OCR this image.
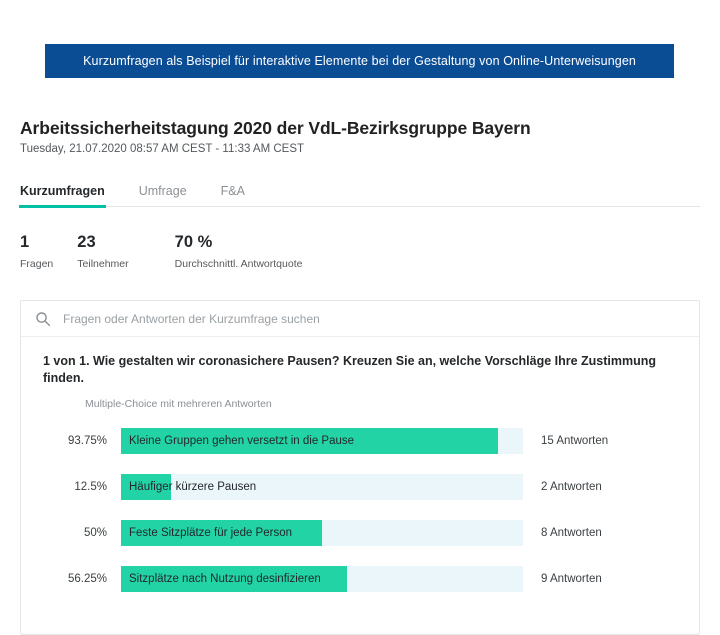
Kurzumfragen als Beispiel für interaktive Elemente bei der Gestaltung von Online-Unterweisungen
Arbeitssicherheitstagung 2020 der VdL-Bezirksgruppe Bayern
Tuesday, 21.07.2020 08:57 AM CEST - 11:33 AM CEST
Kurzumfragen	Umfrage	F&A
1
Fragen
23
Teilnehmer
70 %
Durchschnittl. Antwortquote
Fragen oder Antworten der Kurzumfrage suchen
1 von 1. Wie gestalten wir coronasichere Pausen? Kreuzen Sie an, welche Vorschläge Ihre Zustimmung finden.
Multiple-Choice mit mehreren Antworten
93.75%	Kleine Gruppen gehen versetzt in die Pause	15 Antworten
12.5%	Häufiger kürzere Pausen	2 Antworten
50%	Feste Sitzplätze für jede Person	8 Antworten
56.25%	Sitzplätze nach Nutzung desinfizieren	9 Antworten
